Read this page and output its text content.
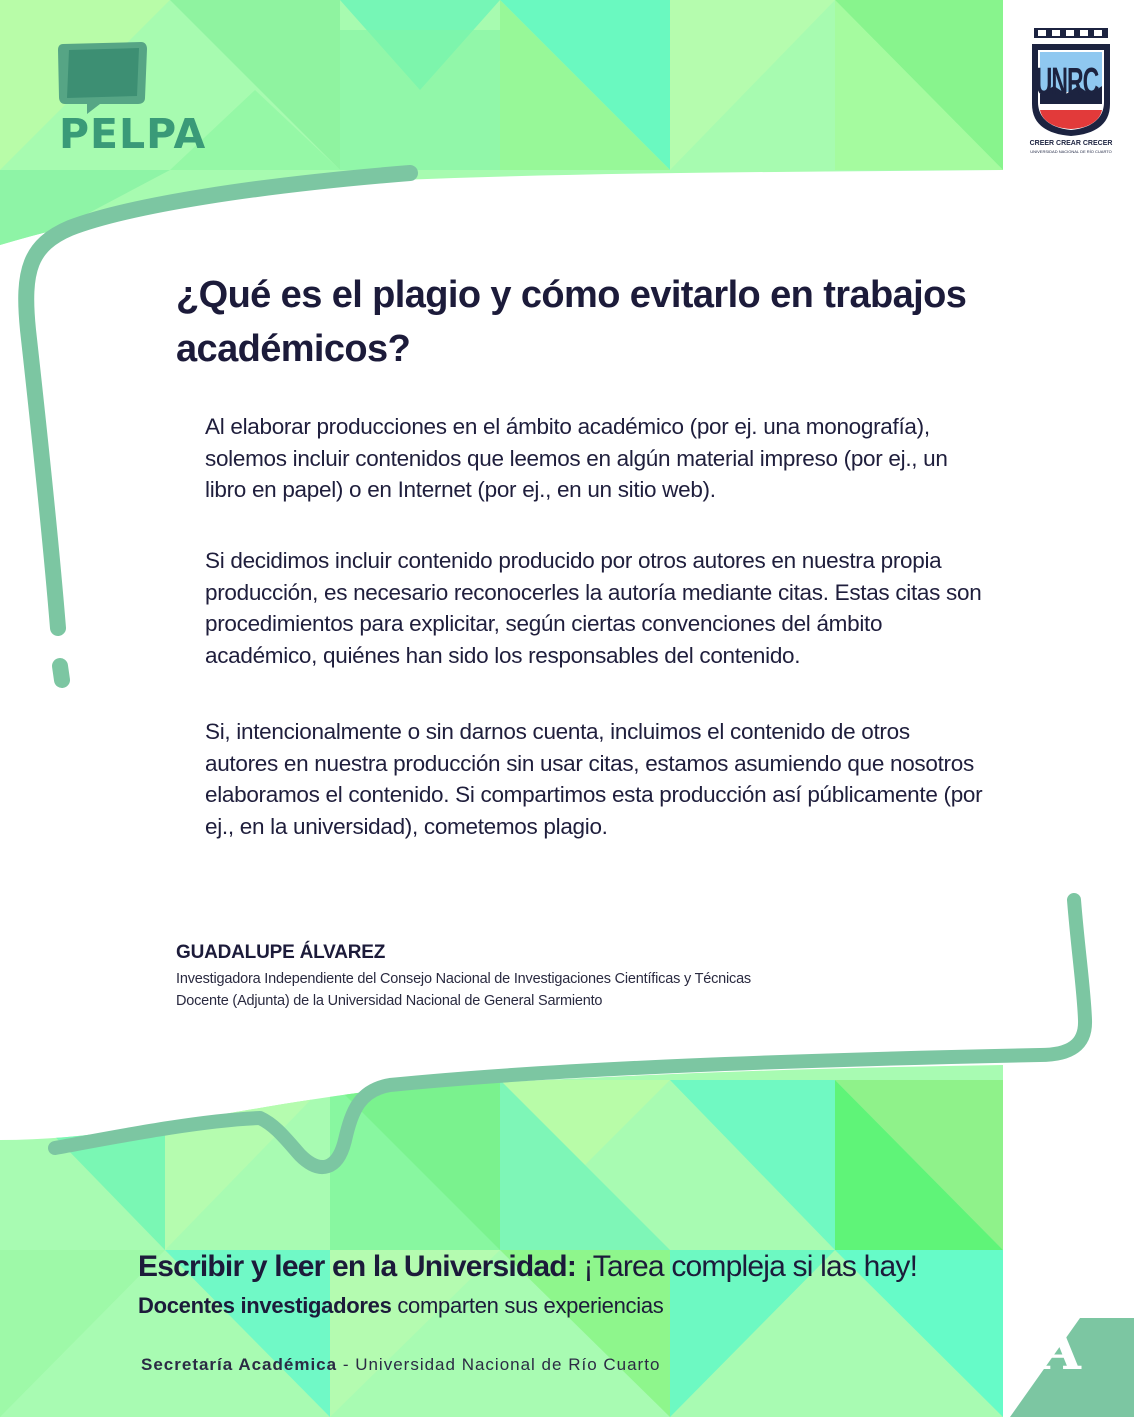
PELPA
UNRC
CREER CREAR CRECER
UNIVERSIDAD NACIONAL DE RÍO CUARTO
¿Qué es el plagio y cómo evitarlo en trabajos académicos?
Al elaborar producciones en el ámbito académico (por ej. una monografía), solemos incluir contenidos que leemos en algún material impreso (por ej., un libro en papel) o en Internet (por ej., en un sitio web).
Si decidimos incluir contenido producido por otros autores en nuestra propia producción, es necesario reconocerles la autoría mediante citas. Estas citas son procedimientos para explicitar, según ciertas convenciones del ámbito académico, quiénes han sido los responsables del contenido.
Si, intencionalmente o sin darnos cuenta, incluimos el contenido de otros autores en nuestra producción sin usar citas, estamos asumiendo que nosotros elaboramos el contenido. Si compartimos esta producción así públicamente (por ej., en la universidad), cometemos plagio.
GUADALUPE ÁLVAREZ
Investigadora Independiente del Consejo Nacional de Investigaciones Científicas y Técnicas
Docente (Adjunta) de la Universidad Nacional de General Sarmiento
Escribir y leer en la Universidad: ¡Tarea compleja si las hay!
Docentes investigadores comparten sus experiencias
Secretaría Académica - Universidad Nacional de Río Cuarto	A
